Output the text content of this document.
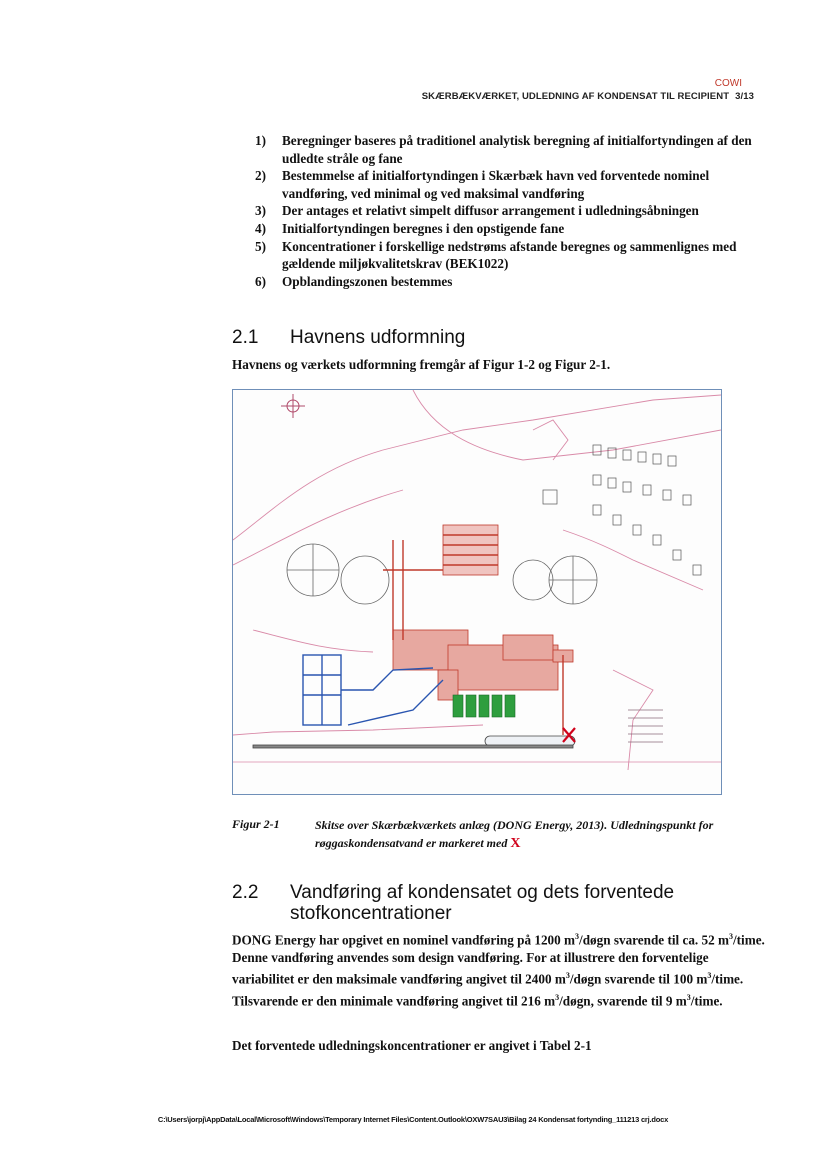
COWI
SKÆRBÆKVÆRKET, UDLEDNING AF KONDENSAT TIL RECIPIENT 3/13
1) Beregninger baseres på traditionel analytisk beregning af initialfortyndingen af den udledte stråle og fane
2) Bestemmelse af initialfortyndingen i Skærbæk havn ved forventede nominel vandføring, ved minimal og ved maksimal vandføring
3) Der antages et relativt simpelt diffusor arrangement i udledningsåbningen
4) Initialfortyndingen beregnes i den opstigende fane
5) Koncentrationer i forskellige nedstrøms afstande beregnes og sammenlignes med gældende miljøkvalitetskrav (BEK1022)
6) Opblandingszonen bestemmes
2.1 Havnens udformning

Havnens og værkets udformning fremgår af Figur 1-2 og Figur 2-1.

Figur 2-1	Skitse over Skærbækværkets anlæg (DONG Energy, 2013). Udledningspunkt for røggaskondensatvand er markeret med X
2.2 Vandføring af kondensatet og dets forventede stofkoncentrationer

DONG Energy har opgivet en nominel vandføring på 1200 $m^3$/døgn svarende til ca. 52 $m^3$/time. Denne vandføring anvendes som design vandføring. For at illustrere den forventelige variabilitet er den maksimale vandføring angivet til 2400 $m^3$/døgn svarende til 100 $m^3$/time. Tilsvarende er den minimale vandføring angivet til 216 $m^3$/døgn, svarende til 9 $m^3$/time.

Det forventede udledningskoncentrationer er angivet i Tabel 2-1

C:\Users\jorpj\AppData\Local\Microsoft\Windows\Temporary Internet Files\Content.Outlook\OXW7SAU3\Bilag 24 Kondensat fortynding_111213 crj.docx
